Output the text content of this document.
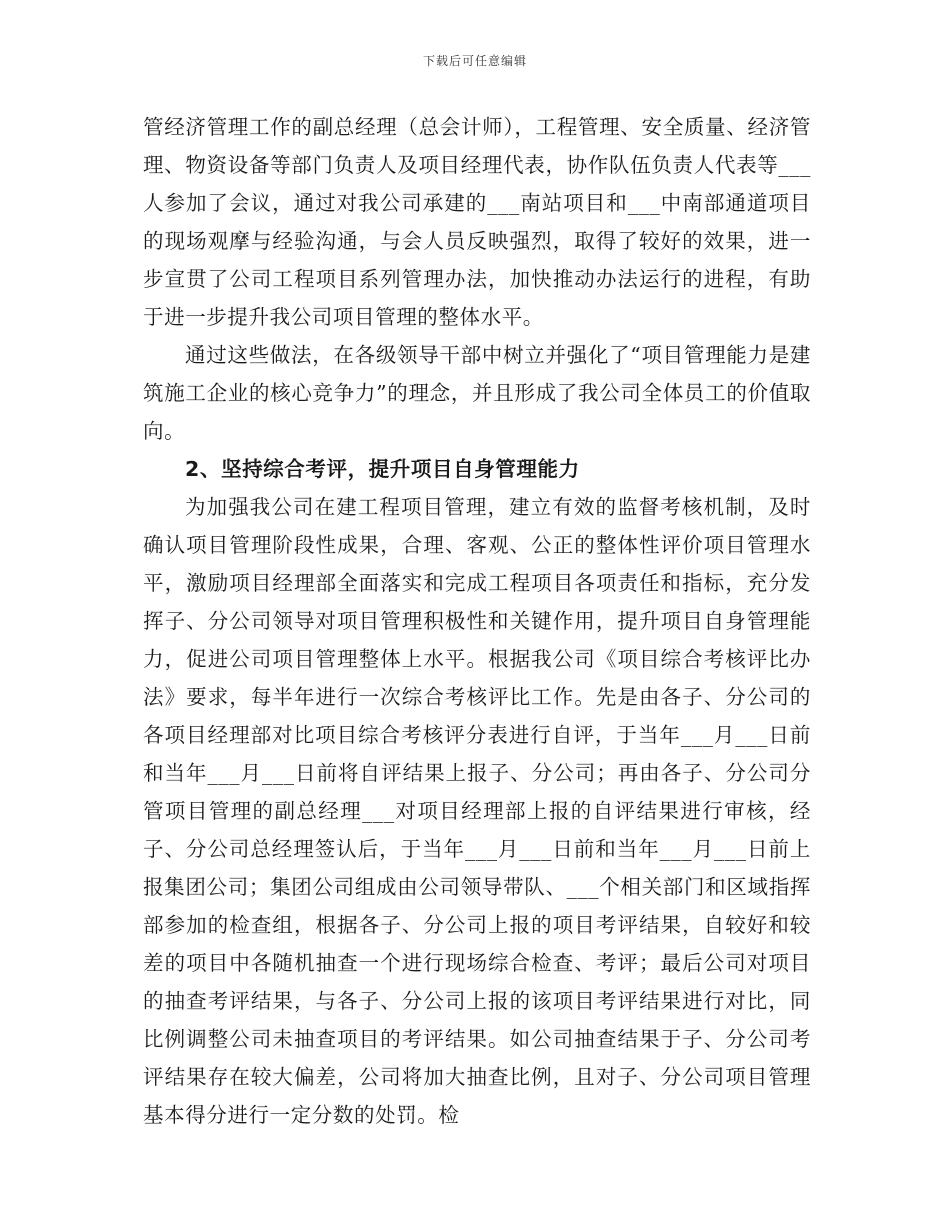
下载后可任意编辑

管经济管理工作的副总经理（总会计师），工程管理、安全质量、经济管理、物资设备等部门负责人及项目经理代表，协作队伍负责人代表等___人参加了会议，通过对我公司承建的___南站项目和___中南部通道项目的现场观摩与经验沟通，与会人员反映强烈，取得了较好的效果，进一步宣贯了公司工程项目系列管理办法，加快推动办法运行的进程，有助于进一步提升我公司项目管理的整体水平。

通过这些做法，在各级领导干部中树立并强化了“项目管理能力是建筑施工企业的核心竞争力”的理念，并且形成了我公司全体员工的价值取向。

2、坚持综合考评，提升项目自身管理能力

为加强我公司在建工程项目管理，建立有效的监督考核机制，及时确认项目管理阶段性成果，合理、客观、公正的整体性评价项目管理水平，激励项目经理部全面落实和完成工程项目各项责任和指标，充分发挥子、分公司领导对项目管理积极性和关键作用，提升项目自身管理能力，促进公司项目管理整体上水平。根据我公司《项目综合考核评比办法》要求，每半年进行一次综合考核评比工作。先是由各子、分公司的各项目经理部对比项目综合考核评分表进行自评，于当年___月___日前和当年___月___日前将自评结果上报子、分公司；再由各子、分公司分管项目管理的副总经理___对项目经理部上报的自评结果进行审核，经子、分公司总经理签认后，于当年___月___日前和当年___月___日前上报集团公司；集团公司组成由公司领导带队、___个相关部门和区域指挥部参加的检查组，根据各子、分公司上报的项目考评结果，自较好和较差的项目中各随机抽查一个进行现场综合检查、考评；最后公司对项目的抽查考评结果，与各子、分公司上报的该项目考评结果进行对比，同比例调整公司未抽查项目的考评结果。如公司抽查结果于子、分公司考评结果存在较大偏差，公司将加大抽查比例，且对子、分公司项目管理基本得分进行一定分数的处罚。检
